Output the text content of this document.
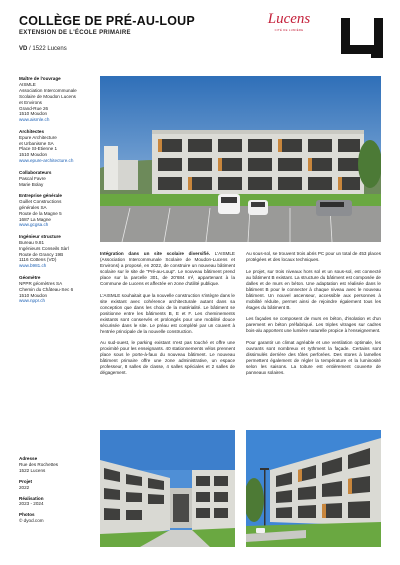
COLLÈGE DE PRÉ-AU-LOUP
EXTENSION DE L'ÉCOLE PRIMAIRE
VD / 1522 Lucens
Lucens
CITÉ DE LUMIÈRE
Maître de l'ouvrage
AISMLE
Association Intercommunale
Scolaire de Moudon Lucens
et Environs
Grand-Rue 26
1510 Moudon
www.aismle.ch
Architectes
Epure Architecture
et Urbanisme SA
Place St-Etienne 1
1510 Moudon
www.epure-architecture.ch
Collaborateurs
Pascal Favre
Marie Bolay
Entreprise générale
Guillet Constructions
générales SA
Route de la Magne 5
1687 La Magne
www.gcgsa.ch
Ingénieur structure
Bureau 9.81
Ingénieurs Conseils Sàrl
Route de Grancy 19B
1116 Cottens (VD)
www.b981.ch
Géomètre
NPPR géomètres SA
Chemin du Château-Sec 6
1510 Moudon
www.nppr.ch
Adresse
Rue des Rochettes
1522 Lucens
Projet
2022
Réalisation
2023 - 2024
Photos
© dyod.com

Intégration dans un site scolaire diversifié. L'AISMLE (Association Intercommunale Scolaire de Moudon-Lucens et Environs) a proposé, en 2022, de construire un nouveau bâtiment scolaire sur le site de "Pré-au-Loup". Le nouveau bâtiment prend place sur la parcelle 301, de 20'684 m², appartenant à la Commune de Lucens et affectée en zone d'utilité publique.

L'AISMLE souhaitait que la nouvelle construction s'intègre dans le site existant avec cohérence architecturale autant dans sa conception que dans les choix de la matérialité. Le bâtiment se positionne entre les bâtiments B, E et F. Les cheminements existants sont conservés et prolongés pour une mobilité douce sécurisée dans le site. Le préau est complété par un couvert à l'entrée principale de la nouvelle construction.

Au sud-ouest, le parking existant n'est pas touché et offre une proximité pour les enseignants. 40 stationnements vélos prennent place sous le porte-à-faux du nouveau bâtiment. Le nouveau bâtiment primaire offre une zone administrative, un espace professeur, 8 salles de classe, 4 salles spéciales et 2 salles de dégagement.

Au sous-sol, se trouvent trois abris PC pour un total de 453 places protégées et des locaux techniques.

Le projet, sur trois niveaux hors sol et un sous-sol, est connecté au bâtiment B existant. La structure du bâtiment est composée de dalles et de murs en béton. Une adaptation est réalisée dans le bâtiment B pour le connecter à chaque niveau avec le nouveau bâtiment. Un nouvel ascenseur, accessible aux personnes à mobilité réduite, permet ainsi de rejoindre également tous les étages du bâtiment B.

Les façades se composent de murs en béton, d'isolation et d'un parement en béton préfabriqué. Les triples vitrages sur cadres bois-alu apportent une lumière naturelle propice à l'enseignement.

Pour garantir un climat agréable et une ventilation optimale, les ouvrants sont nombreux et rythment la façade. Certains sont dissimulés derrière des tôles perforées. Des stores à lamelles permettent également de régler la température et la luminosité selon les saisons. La toiture est entièrement couverte de panneaux solaires.
